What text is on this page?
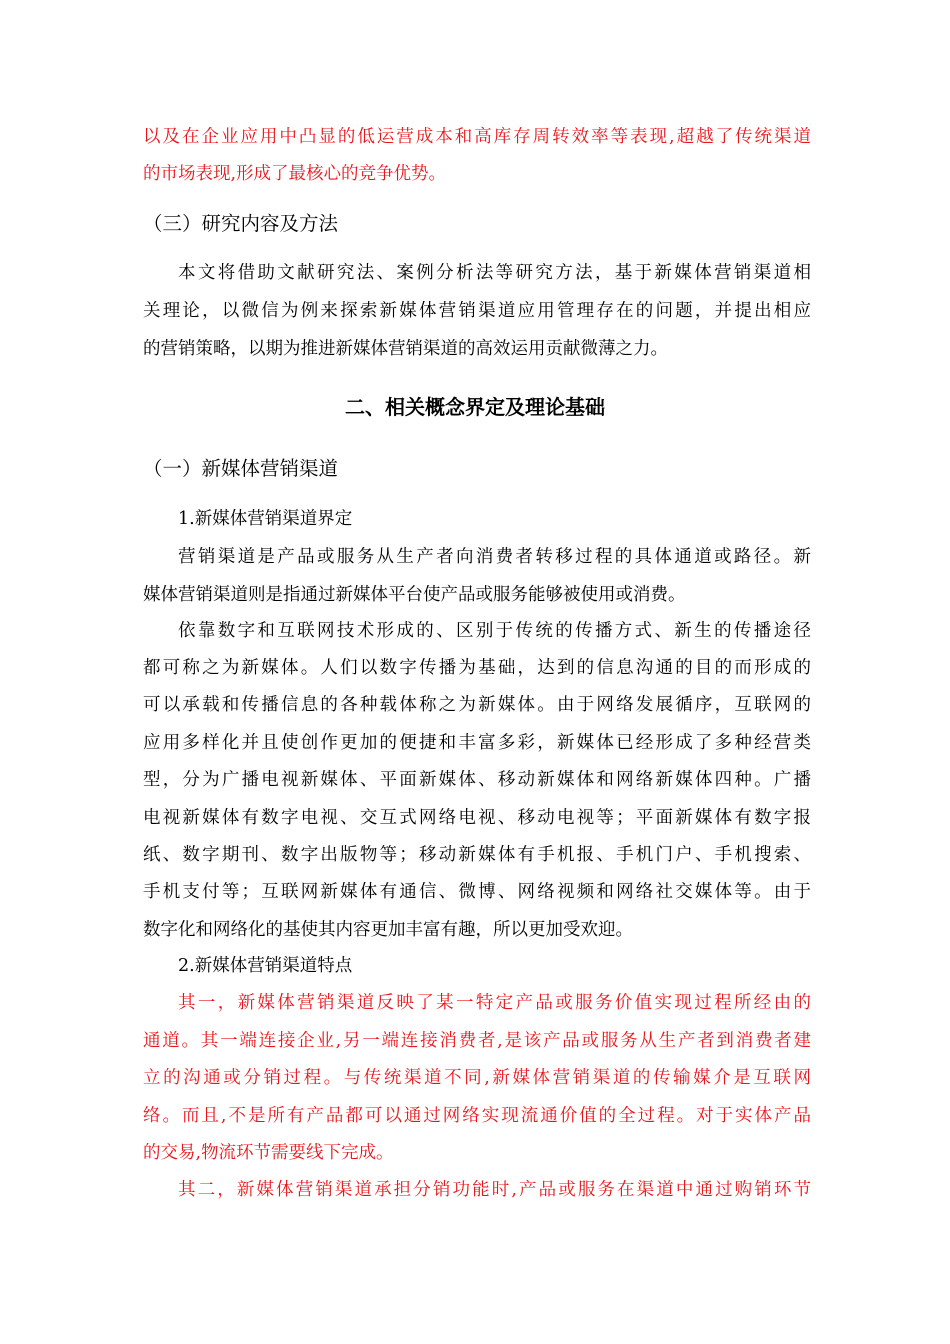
以及在企业应用中凸显的低运营成本和高库存周转效率等表现,超越了传统渠道
的市场表现,形成了最核心的竞争优势。
（三）研究内容及方法
本文将借助文献研究法、案例分析法等研究方法，基于新媒体营销渠道相
关理论，以微信为例来探索新媒体营销渠道应用管理存在的问题，并提出相应
的营销策略，以期为推进新媒体营销渠道的高效运用贡献微薄之力。
二、相关概念界定及理论基础
（一）新媒体营销渠道
1.新媒体营销渠道界定
营销渠道是产品或服务从生产者向消费者转移过程的具体通道或路径。新
媒体营销渠道则是指通过新媒体平台使产品或服务能够被使用或消费。
依靠数字和互联网技术形成的、区别于传统的传播方式、新生的传播途径
都可称之为新媒体。人们以数字传播为基础，达到的信息沟通的目的而形成的
可以承载和传播信息的各种载体称之为新媒体。由于网络发展循序，互联网的
应用多样化并且使创作更加的便捷和丰富多彩，新媒体已经形成了多种经营类
型，分为广播电视新媒体、平面新媒体、移动新媒体和网络新媒体四种。广播
电视新媒体有数字电视、交互式网络电视、移动电视等；平面新媒体有数字报
纸、数字期刊、数字出版物等；移动新媒体有手机报、手机门户、手机搜索、
手机支付等；互联网新媒体有通信、微博、网络视频和网络社交媒体等。由于
数字化和网络化的基使其内容更加丰富有趣，所以更加受欢迎。
2.新媒体营销渠道特点
其一，新媒体营销渠道反映了某一特定产品或服务价值实现过程所经由的
通道。其一端连接企业,另一端连接消费者,是该产品或服务从生产者到消费者建
立的沟通或分销过程。与传统渠道不同,新媒体营销渠道的传输媒介是互联网
络。而且,不是所有产品都可以通过网络实现流通价值的全过程。对于实体产品
的交易,物流环节需要线下完成。
其二，新媒体营销渠道承担分销功能时,产品或服务在渠道中通过购销环节
